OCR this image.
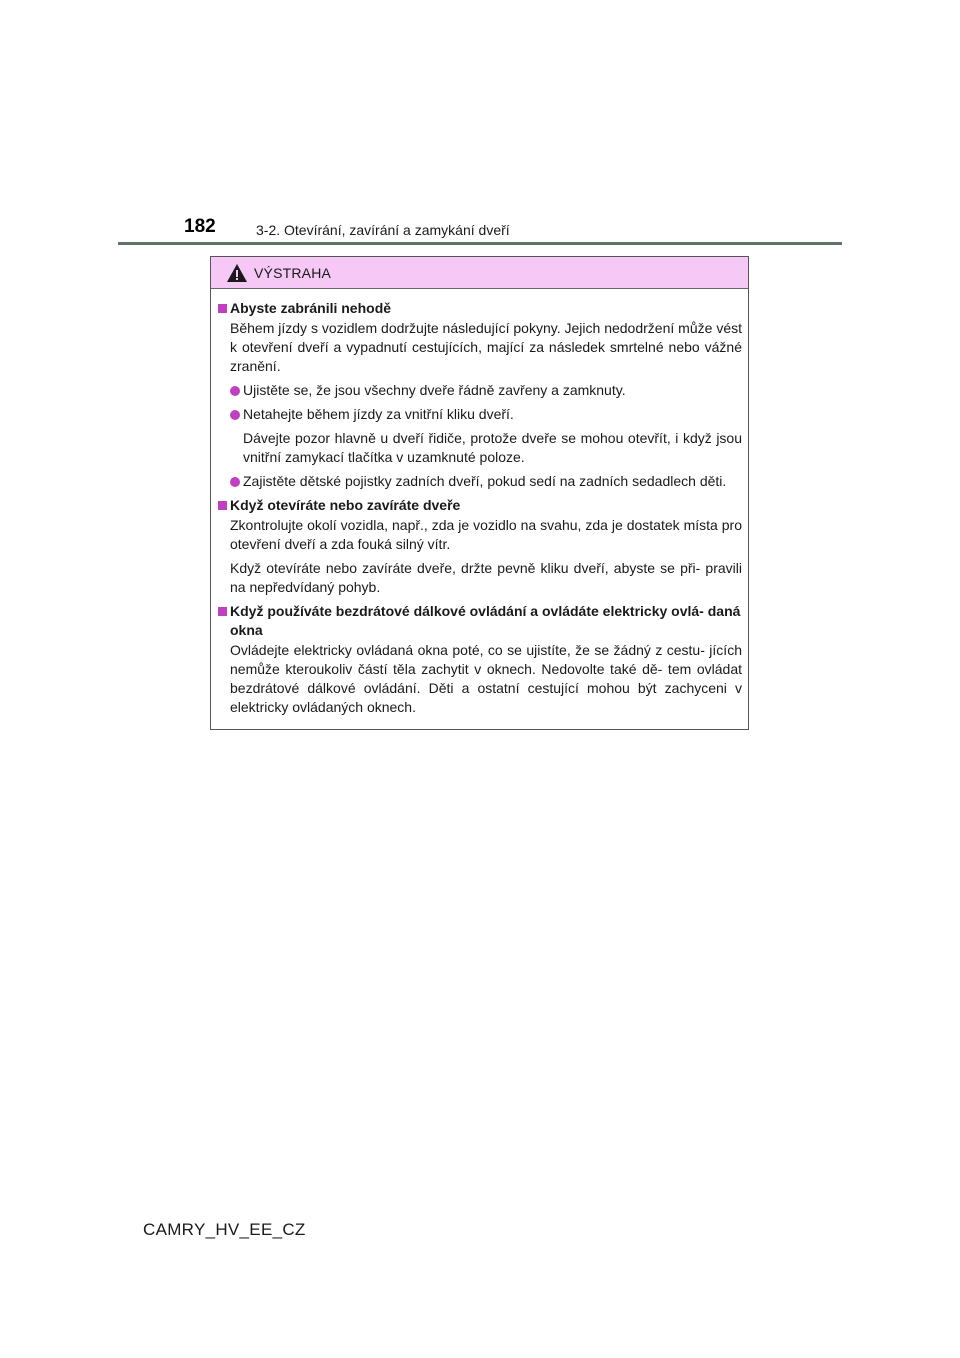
182	3-2. Otevírání, zavírání a zamykání dveří
VÝSTRAHA
Abyste zabránili nehodě
Během jízdy s vozidlem dodržujte následující pokyny. Jejich nedodržení může vést k otevření dveří a vypadnutí cestujících, mající za následek smrtelné nebo vážné zranění.
Ujistěte se, že jsou všechny dveře řádně zavřeny a zamknuty.
Netahejte během jízdy za vnitřní kliku dveří.
Dávejte pozor hlavně u dveří řidiče, protože dveře se mohou otevřít, i když jsou vnitřní zamykací tlačítka v uzamknuté poloze.
Zajistěte dětské pojistky zadních dveří, pokud sedí na zadních sedadlech děti.
Když otevíráte nebo zavíráte dveře
Zkontrolujte okolí vozidla, např., zda je vozidlo na svahu, zda je dostatek místa pro otevření dveří a zda fouká silný vítr.
Když otevíráte nebo zavíráte dveře, držte pevně kliku dveří, abyste se při- pravili na nepředvídaný pohyb.
Když používáte bezdrátové dálkové ovládání a ovládáte elektricky ovlá- daná okna
Ovládejte elektricky ovládaná okna poté, co se ujistíte, že se žádný z cestu- jících nemůže kteroukoliv částí těla zachytit v oknech. Nedovolte také dě- tem ovládat bezdrátové dálkové ovládání. Děti a ostatní cestující mohou být zachyceni v elektricky ovládaných oknech.
CAMRY_HV_EE_CZ
